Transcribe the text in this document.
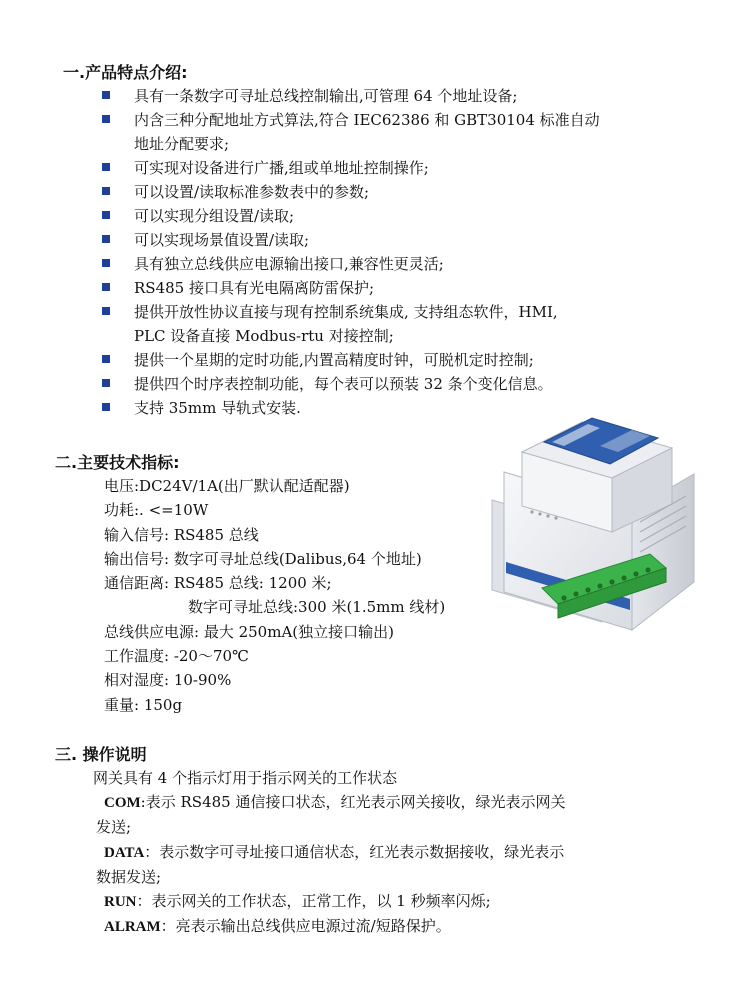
一.产品特点介绍:
具有一条数字可寻址总线控制输出,可管理 64 个地址设备;
内含三种分配地址方式算法,符合 IEC62386 和 GBT30104 标准自动
地址分配要求;
可实现对设备进行广播,组或单地址控制操作;
可以设置/读取标准参数表中的参数;
可以实现分组设置/读取;
可以实现场景值设置/读取;
具有独立总线供应电源输出接口,兼容性更灵活;
RS485 接口具有光电隔离防雷保护;
提供开放性协议直接与现有控制系统集成, 支持组态软件，HMI,
PLC 设备直接 Modbus-rtu 对接控制;
提供一个星期的定时功能,内置高精度时钟，可脱机定时控制;
提供四个时序表控制功能，每个表可以预装 32 条个变化信息。
支持 35mm 导轨式安装.
二.主要技术指标:
电压:DC24V/1A(出厂默认配适配器)
功耗:. <=10W
输入信号: RS485 总线
输出信号: 数字可寻址总线(Dalibus,64 个地址)
通信距离: RS485 总线: 1200 米;
数字可寻址总线:300 米(1.5mm 线材)
总线供应电源: 最大 250mA(独立接口输出)
工作温度: -20～70℃
相对湿度: 10-90%
重量: 150g
三. 操作说明
网关具有 4 个指示灯用于指示网关的工作状态
COM:表示 RS485 通信接口状态，红光表示网关接收，绿光表示网关
发送;
DATA：表示数字可寻址接口通信状态，红光表示数据接收，绿光表示
数据发送;
RUN：表示网关的工作状态，正常工作，以 1 秒频率闪烁;
ALRAM：亮表示输出总线供应电源过流/短路保护。
